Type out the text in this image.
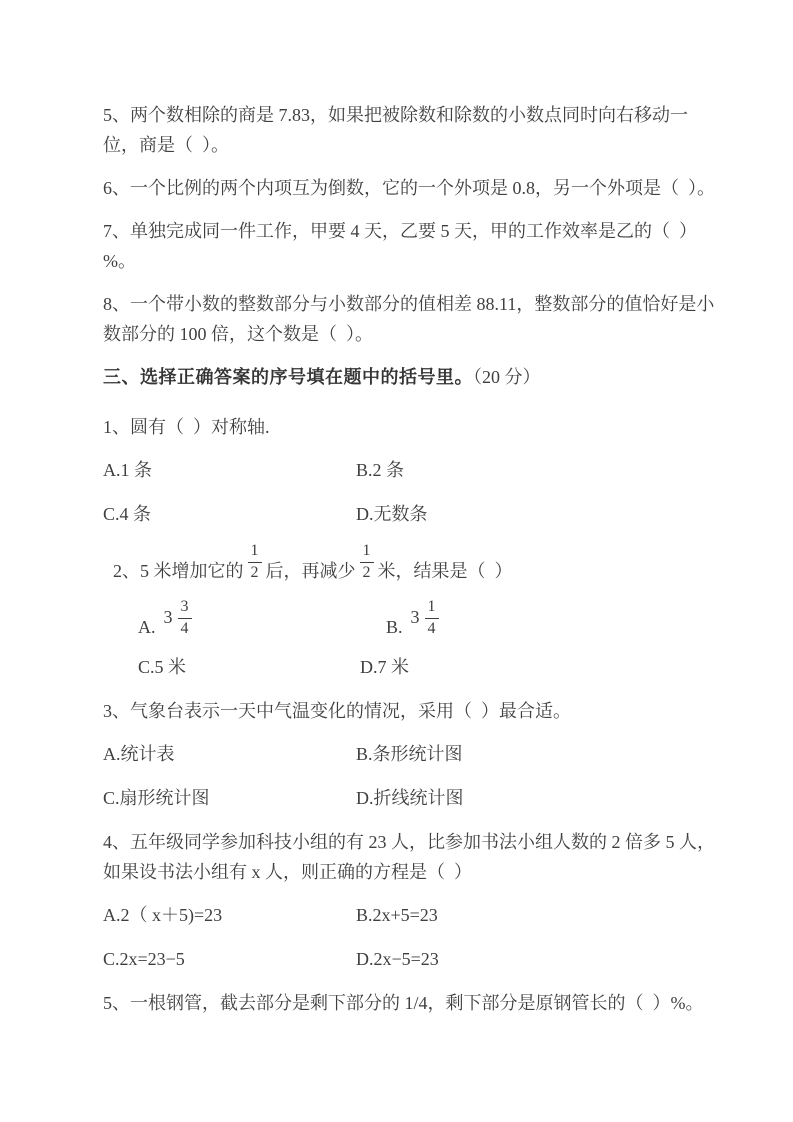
5、两个数相除的商是 7.83，如果把被除数和除数的小数点同时向右移动一位，商是（  ）。

6、一个比例的两个内项互为倒数，它的一个外项是 0.8，另一个外项是（  ）。

7、单独完成同一件工作，甲要 4 天，乙要 5 天，甲的工作效率是乙的（  ）%。

8、一个带小数的整数部分与小数部分的值相差 88.11，整数部分的值恰好是小数部分的 100 倍，这个数是（  ）。

三、选择正确答案的序号填在题中的括号里。（20 分）

1、圆有（  ）对称轴.

A.1 条	B.2 条
C.4 条	D.无数条

2、5 米增加它的 $\frac{1}{2}$ 后，再减少 $\frac{1}{2}$ 米，结果是（  ）

A. $3 \frac{3}{4}$	B. $3 \frac{1}{4}$
C.5 米	D.7 米

3、气象台表示一天中气温变化的情况，采用（  ）最合适。

A.统计表	B.条形统计图
C.扇形统计图	D.折线统计图

4、五年级同学参加科技小组的有 23 人，比参加书法小组人数的 2 倍多 5 人，如果设书法小组有 x 人，则正确的方程是（  ）

A.2（ x＋5)=23	B.2x+5=23
C.2x=23−5	D.2x−5=23

5、一根钢管，截去部分是剩下部分的 1/4，剩下部分是原钢管长的（  ）%。
